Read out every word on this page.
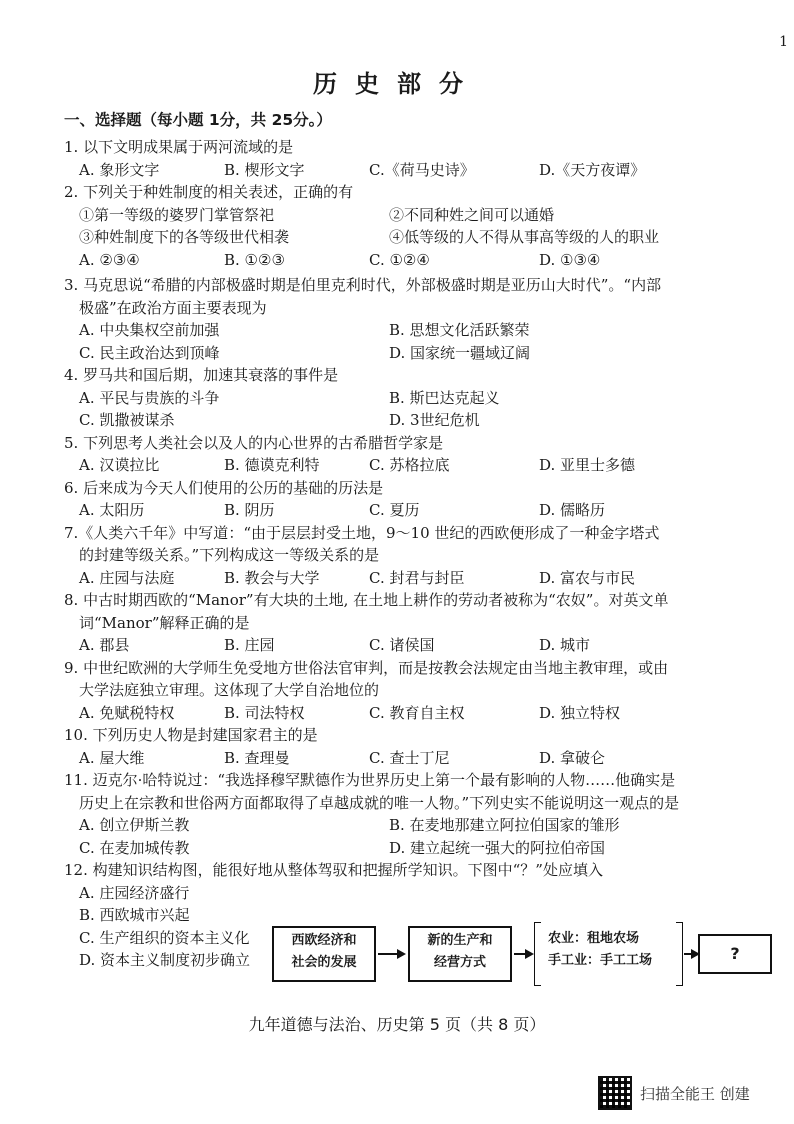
1
历史部分
一、选择题（每小题 1分，共 25分。）
1. 以下文明成果属于两河流域的是
A. 象形文字	B. 楔形文字	C.《荷马史诗》	D.《天方夜谭》
2. 下列关于种姓制度的相关表述，正确的有
①第一等级的婆罗门掌管祭祀	②不同种姓之间可以通婚
③种姓制度下的各等级世代相袭	④低等级的人不得从事高等级的人的职业
A. ②③④	B. ①②③	C. ①②④	D. ①③④
3. 马克思说“希腊的内部极盛时期是伯里克利时代，外部极盛时期是亚历山大时代”。“内部
极盛”在政治方面主要表现为
A. 中央集权空前加强	B. 思想文化活跃繁荣
C. 民主政治达到顶峰	D. 国家统一疆域辽阔
4. 罗马共和国后期，加速其衰落的事件是
A. 平民与贵族的斗争	B. 斯巴达克起义
C. 凯撒被谋杀	D. 3世纪危机
5. 下列思考人类社会以及人的内心世界的古希腊哲学家是
A. 汉谟拉比	B. 德谟克利特	C. 苏格拉底	D. 亚里士多德
6. 后来成为今天人们使用的公历的基础的历法是
A. 太阳历	B. 阴历	C. 夏历	D. 儒略历
7.《人类六千年》中写道：“由于层层封受土地，9～10 世纪的西欧便形成了一种金字塔式
的封建等级关系。”下列构成这一等级关系的是
A. 庄园与法庭	B. 教会与大学	C. 封君与封臣	D. 富农与市民
8. 中古时期西欧的“Manor”有大块的土地, 在土地上耕作的劳动者被称为“农奴”。对英文单
词“Manor”解释正确的是
A. 郡县	B. 庄园	C. 诸侯国	D. 城市
9. 中世纪欧洲的大学师生免受地方世俗法官审判，而是按教会法规定由当地主教审理，或由
大学法庭独立审理。这体现了大学自治地位的
A. 免赋税特权	B. 司法特权	C. 教育自主权	D. 独立特权
10. 下列历史人物是封建国家君主的是
A. 屋大维	B. 查理曼	C. 查士丁尼	D. 拿破仑
11. 迈克尔·哈特说过：“我选择穆罕默德作为世界历史上第一个最有影响的人物……他确实是
历史上在宗教和世俗两方面都取得了卓越成就的唯一人物。”下列史实不能说明这一观点的是
A. 创立伊斯兰教	B. 在麦地那建立阿拉伯国家的雏形
C. 在麦加城传教	D. 建立起统一强大的阿拉伯帝国
12. 构建知识结构图，能很好地从整体驾驭和把握所学知识。下图中“？”处应填入
A. 庄园经济盛行
B. 西欧城市兴起
C. 生产组织的资本主义化
D. 资本主义制度初步确立
西欧经济和
社会的发展
新的生产和
经营方式
农业：租地农场
手工业：手工工场	?
九年道德与法治、历史第 5 页（共 8 页）
扫描全能王 创建
